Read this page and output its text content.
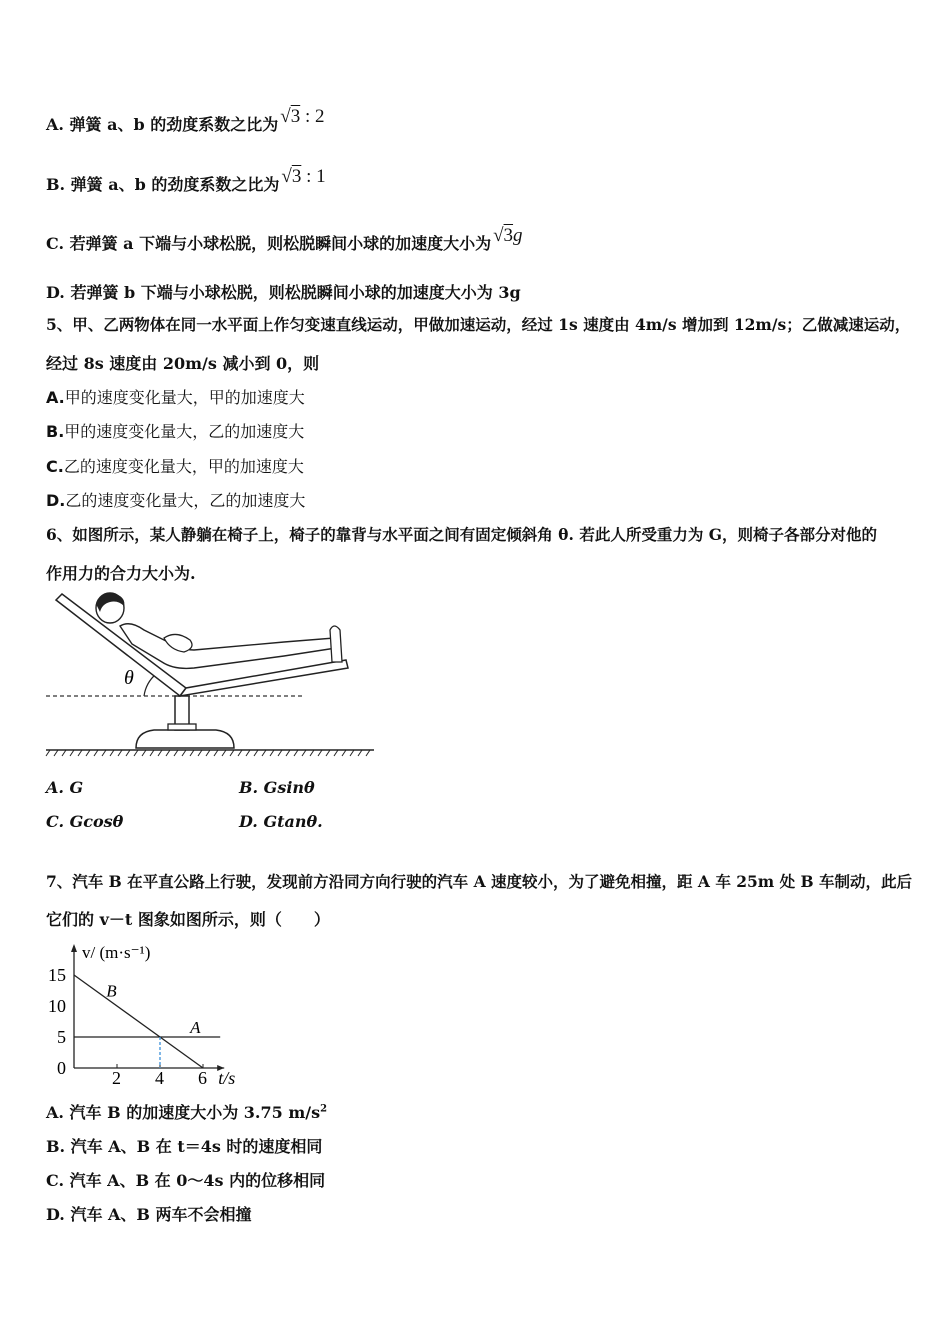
A. 弹簧 a、b 的劲度系数之比为 √3 : 2
B. 弹簧 a、b 的劲度系数之比为 √3 : 1
C. 若弹簧 a 下端与小球松脱，则松脱瞬间小球的加速度大小为 √3g
D. 若弹簧 b 下端与小球松脱，则松脱瞬间小球的加速度大小为 3g
5、甲、乙两物体在同一水平面上作匀变速直线运动，甲做加速运动，经过 1s 速度由 4m/s 增加到 12m/s；乙做减速运动，
经过 8s 速度由 20m/s 减小到 0，则
A.甲的速度变化量大，甲的加速度大
B.甲的速度变化量大，乙的加速度大
C.乙的速度变化量大，甲的加速度大
D.乙的速度变化量大，乙的加速度大
6、如图所示，某人静躺在椅子上，椅子的靠背与水平面之间有固定倾斜角 θ. 若此人所受重力为 G，则椅子各部分对他的
作用力的合力大小为.
θ
A. G	B. Gsinθ
C. Gcosθ	D. Gtanθ.
7、汽车 B 在平直公路上行驶，发现前方沿同方向行驶的汽车 A 速度较小，为了避免相撞，距 A 车 25m 处 B 车制动，此后
它们的 v－t 图象如图所示，则（　　）
v/ (m·s⁻¹)
t/s
2 4 6
15
10
5
0
B
A
A. 汽车 B 的加速度大小为 3.75 $m/s^2$
B. 汽车 A、B 在 t＝4s 时的速度相同
C. 汽车 A、B 在 0～4s 内的位移相同
D. 汽车 A、B 两车不会相撞
